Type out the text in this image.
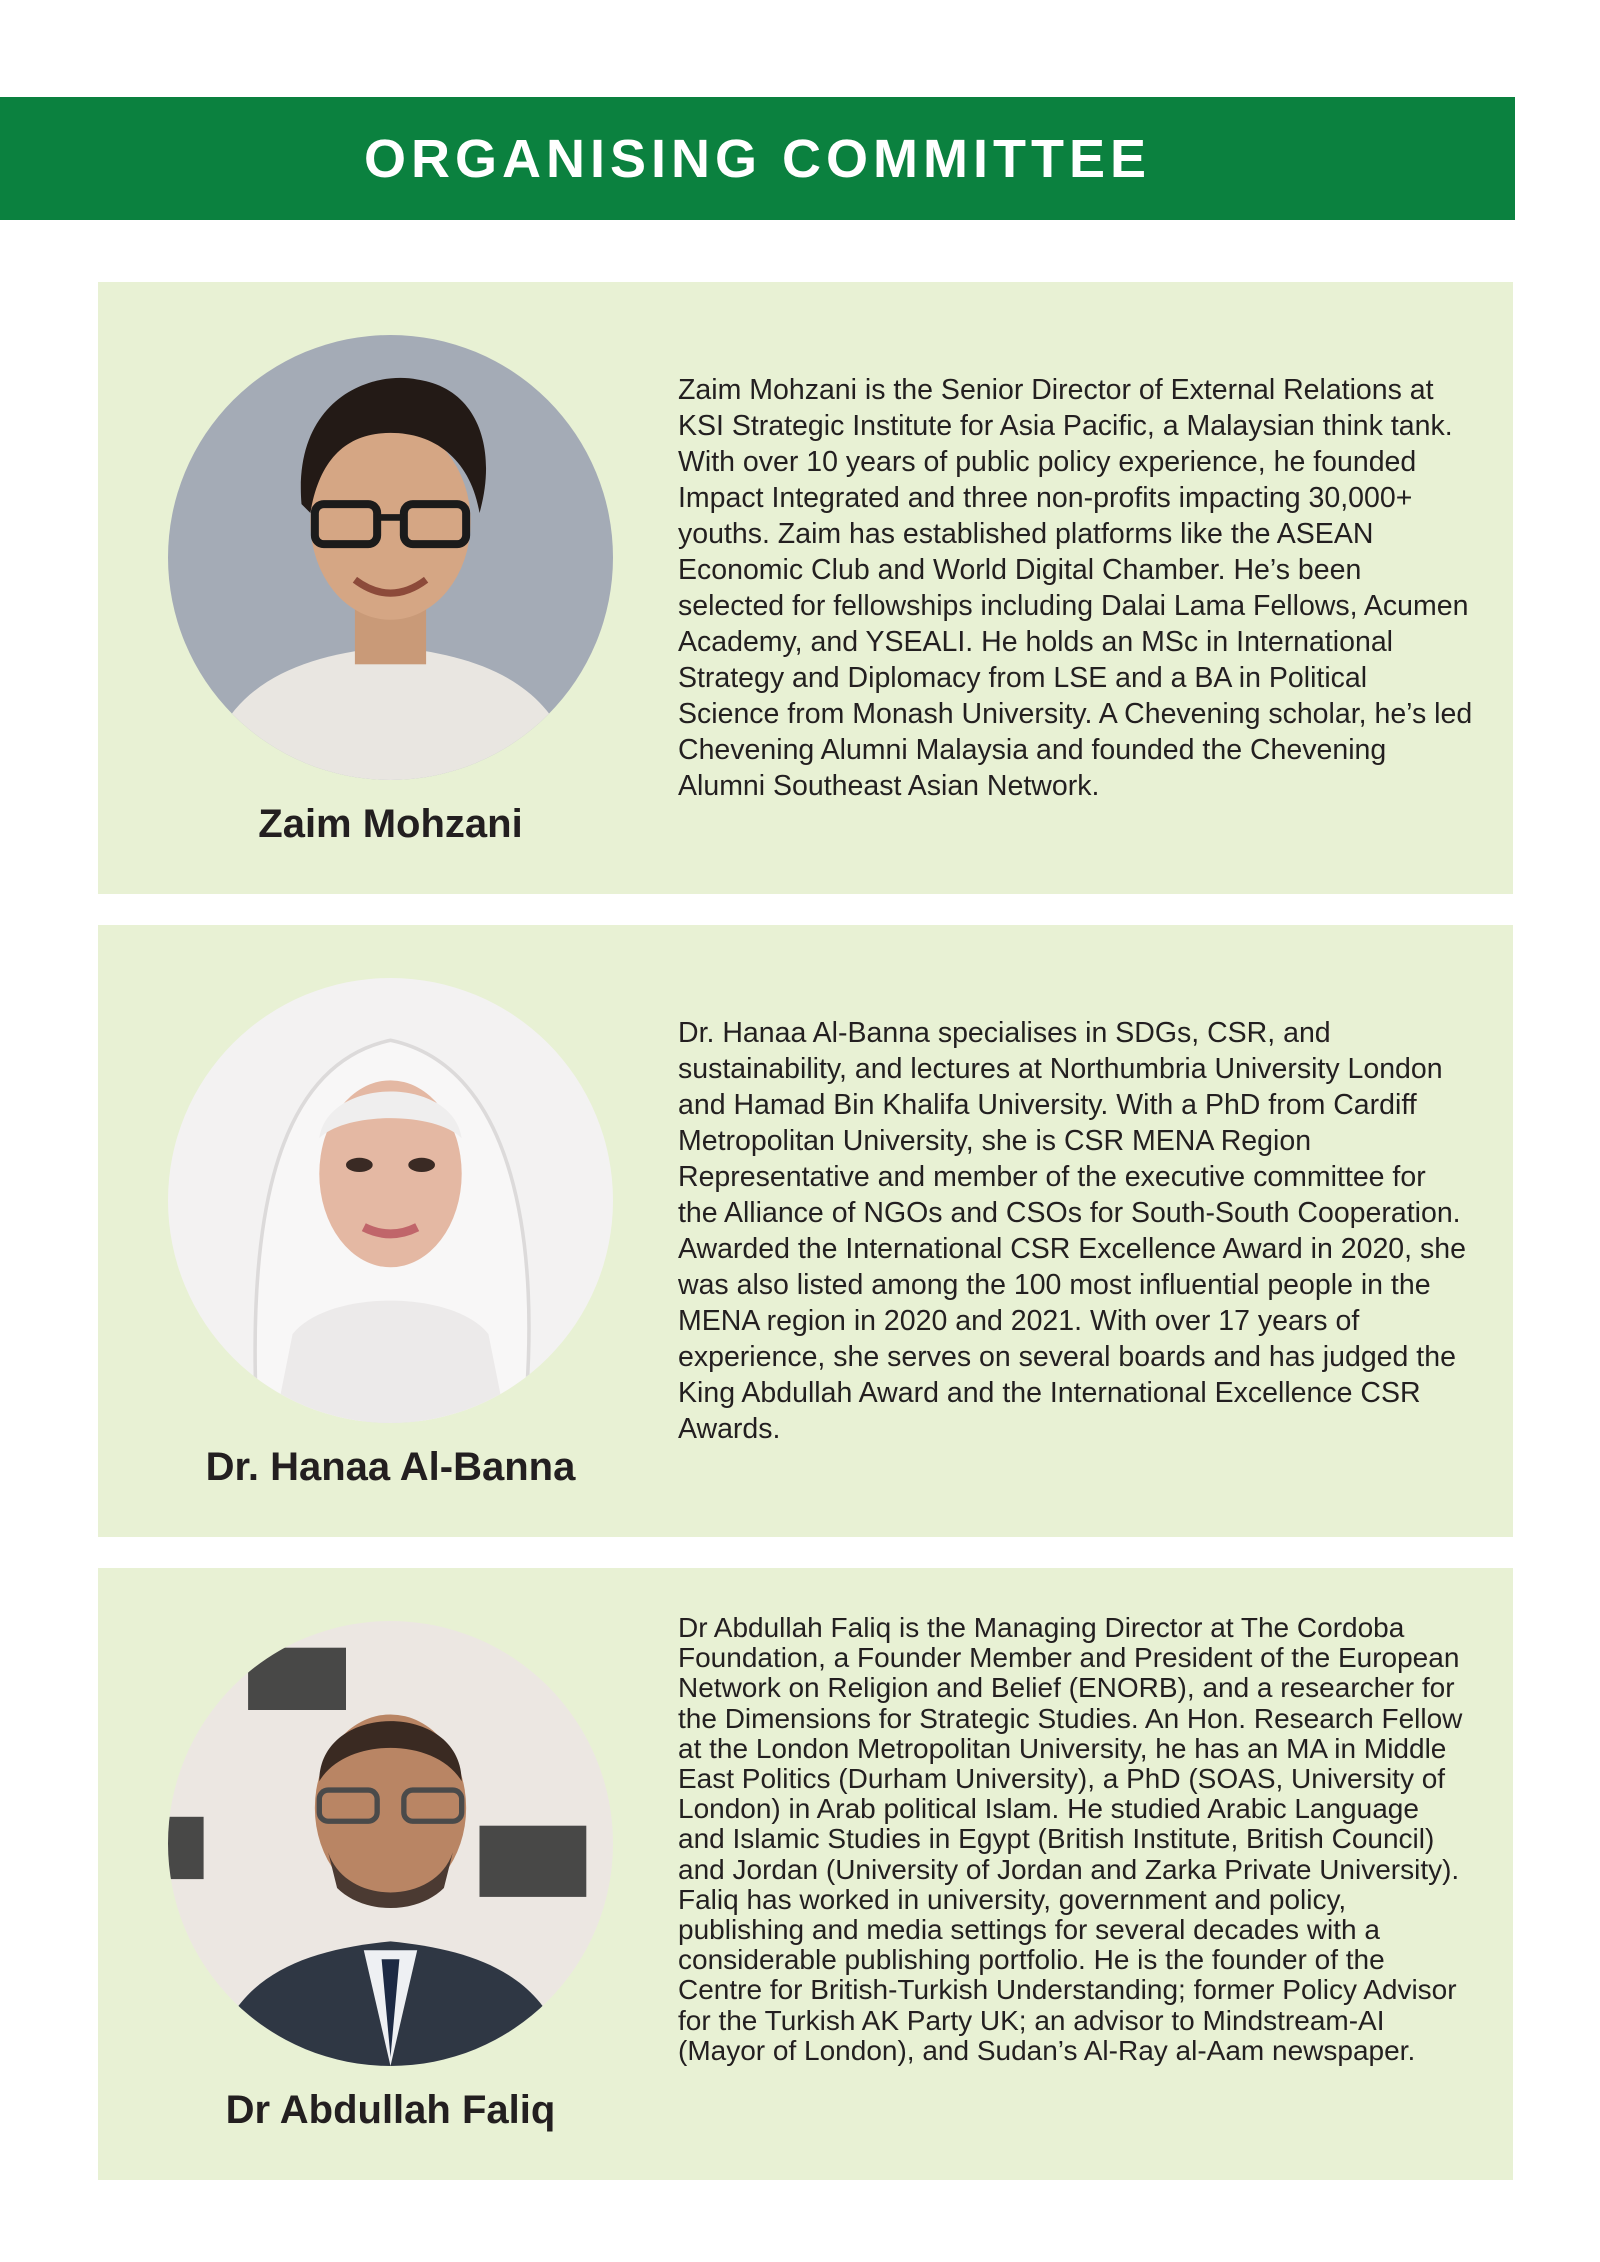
ORGANISING COMMITTEE
Zaim Mohzani

Zaim Mohzani is the Senior Director of External Relations at KSI Strategic Institute for Asia Pacific, a Malaysian think tank. With over 10 years of public policy experience, he founded Impact Integrated and three non-profits impacting 30,000+ youths. Zaim has established platforms like the ASEAN Economic Club and World Digital Chamber. He’s been selected for fellowships including Dalai Lama Fellows, Acumen Academy, and YSEALI. He holds an MSc in International Strategy and Diplomacy from LSE and a BA in Political Science from Monash University. A Chevening scholar, he’s led Chevening Alumni Malaysia and founded the Chevening Alumni Southeast Asian Network.

Dr. Hanaa Al-Banna

Dr. Hanaa Al-Banna specialises in SDGs, CSR, and sustainability, and lectures at Northumbria University London and Hamad Bin Khalifa University. With a PhD from Cardiff Metropolitan University, she is CSR MENA Region Representative and member of the executive committee for the Alliance of NGOs and CSOs for South-South Cooperation. Awarded the International CSR Excellence Award in 2020, she was also listed among the 100 most influential people in the MENA region in 2020 and 2021. With over 17 years of experience, she serves on several boards and has judged the King Abdullah Award and the International Excellence CSR Awards.

Dr Abdullah Faliq

Dr Abdullah Faliq is the Managing Director at The Cordoba Foundation, a Founder Member and President of the European Network on Religion and Belief (ENORB), and a researcher for the Dimensions for Strategic Studies. An Hon. Research Fellow at the London Metropolitan University, he has an MA in Middle East Politics (Durham University), a PhD (SOAS, University of London) in Arab political Islam. He studied Arabic Language and Islamic Studies in Egypt (British Institute, British Council) and Jordan (University of Jordan and Zarka Private University).

Faliq has worked in university, government and policy, publishing and media settings for several decades with a considerable publishing portfolio. He is the founder of the Centre for British-Turkish Understanding; former Policy Advisor for the Turkish AK Party UK; an advisor to Mindstream-AI (Mayor of London), and Sudan’s Al-Ray al-Aam newspaper.
